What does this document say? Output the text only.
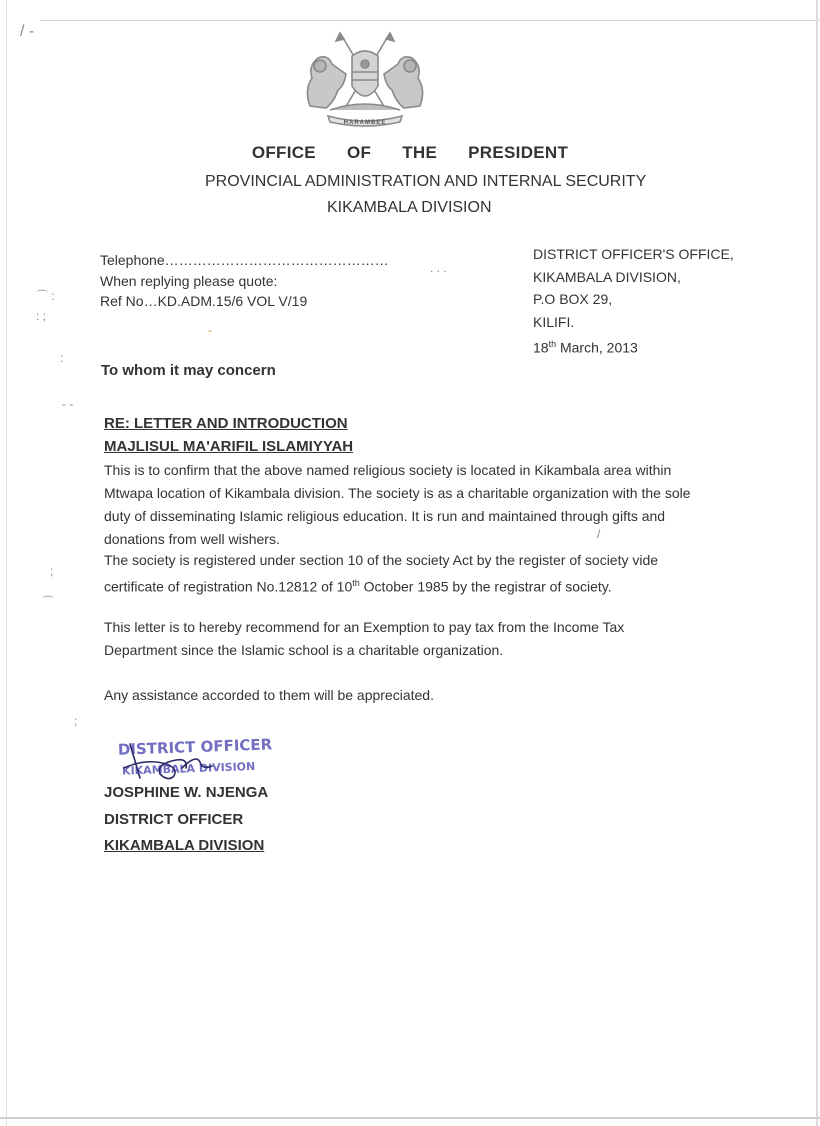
/ -
⌒ :
: ;
:
- -
;
⌒
;
. . .
-
/
HARAMBEE
OFFICE OF THE PRESIDENT
PROVINCIAL ADMINISTRATION AND INTERNAL SECURITY
KIKAMBALA DIVISION
Telephone…………………………………………
When replying please quote:
Ref No…KD.ADM.15/6 VOL V/19
DISTRICT OFFICER'S OFFICE,
KIKAMBALA DIVISION,
P.O BOX 29,
KILIFI.
18th March, 2013
To whom it may concern
RE: LETTER AND INTRODUCTION
MAJLISUL MA'ARIFIL ISLAMIYYAH
This is to confirm that the above named religious society is located in Kikambala area within
Mtwapa location of Kikambala division. The society is as a charitable organization with the sole
duty of disseminating Islamic religious education. It is run and maintained through gifts and
donations from well wishers.
The society is registered under section 10 of the society Act by the register of society vide
certificate of registration No.12812 of 10th October 1985 by the registrar of society.
This letter is to hereby recommend for an Exemption to pay tax from the Income Tax
Department since the Islamic school is a charitable organization.
Any assistance accorded to them will be appreciated.
DISTRICT OFFICER
KIKAMBALA DIVISION
JOSPHINE W. NJENGA
DISTRICT OFFICER
KIKAMBALA DIVISION
